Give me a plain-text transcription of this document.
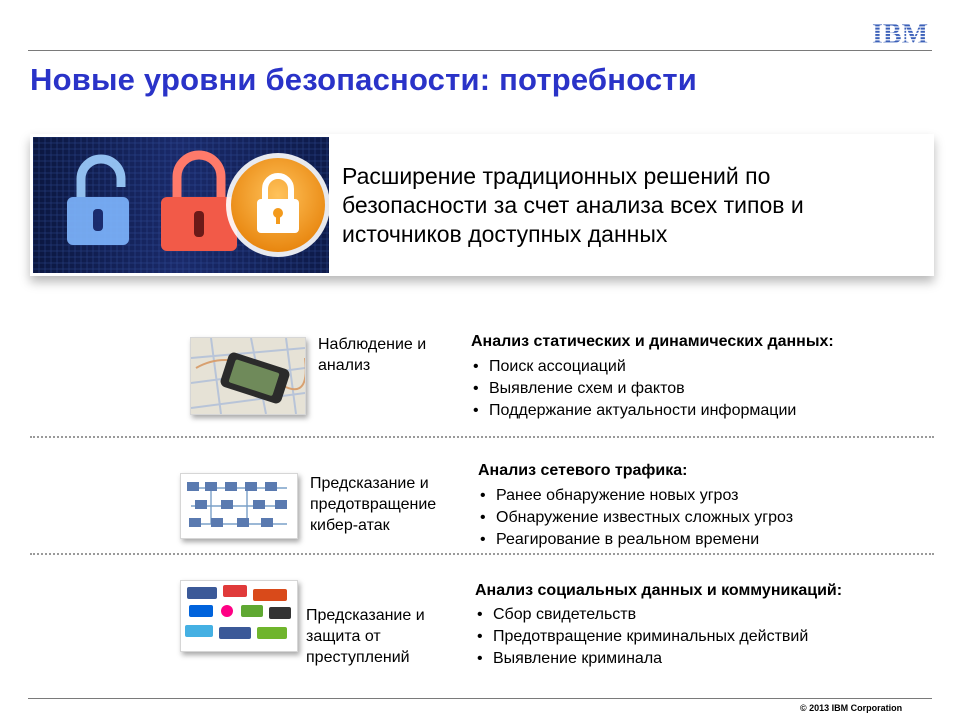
IBM
Новые уровни безопасности: потребности
Расширение традиционных решений по безопасности за счет анализа всех типов и источников доступных данных
Наблюдение и анализ
Анализ статических и динамических данных:
• Поиск ассоциаций
• Выявление схем и фактов
• Поддержание актуальности информации
Предсказание и предотвращение кибер-атак
Анализ сетевого трафика:
• Ранее обнаружение новых угроз
• Обнаружение известных сложных угроз
• Реагирование в реальном времени
Предсказание и защита от преступлений
Анализ социальных данных и коммуникаций:
• Сбор свидетельств
• Предотвращение криминальных действий
• Выявление криминала
© 2013 IBM Corporation
